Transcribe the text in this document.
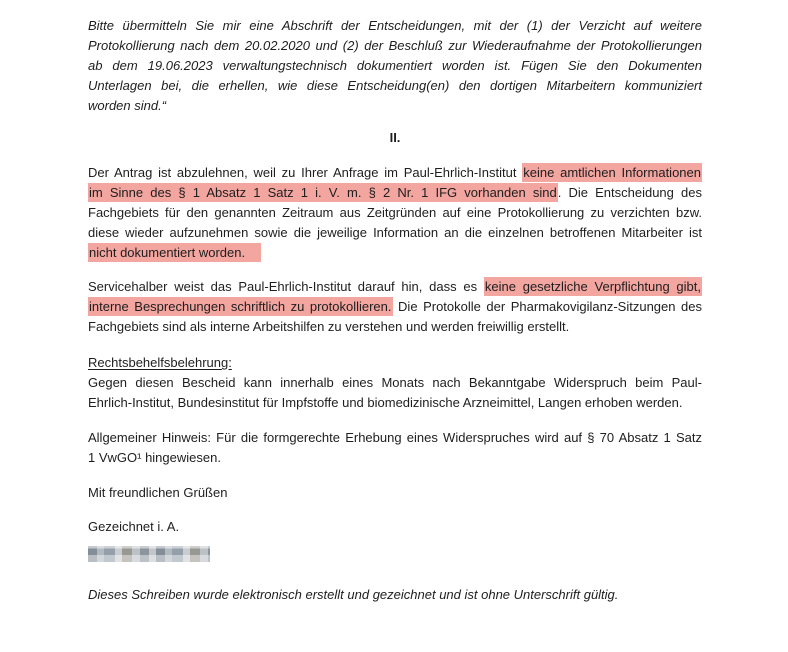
Bitte übermitteln Sie mir eine Abschrift der Entscheidungen, mit der (1) der Verzicht auf weitere
Protokollierung nach dem 20.02.2020 und (2) der Beschluß zur Wiederaufnahme der Protokollierungen
ab dem 19.06.2023 verwaltungstechnisch dokumentiert worden ist. Fügen Sie den Dokumenten
Unterlagen bei, die erhellen, wie diese Entscheidung(en) den dortigen Mitarbeitern kommuniziert
worden sind.“
II.
Der Antrag ist abzulehnen, weil zu Ihrer Anfrage im Paul-Ehrlich-Institut keine amtlichen Informationen
im Sinne des § 1 Absatz 1 Satz 1 i. V. m. § 2 Nr. 1 IFG vorhanden sind. Die Entscheidung des
Fachgebiets für den genannten Zeitraum aus Zeitgründen auf eine Protokollierung zu verzichten bzw.
diese wieder aufzunehmen sowie die jeweilige Information an die einzelnen betroffenen Mitarbeiter ist
nicht dokumentiert worden.
Servicehalber weist das Paul-Ehrlich-Institut darauf hin, dass es keine gesetzliche Verpflichtung gibt,
interne Besprechungen schriftlich zu protokollieren. Die Protokolle der Pharmakovigilanz-Sitzungen des
Fachgebiets sind als interne Arbeitshilfen zu verstehen und werden freiwillig erstellt.
Rechtsbehelfsbelehrung:
Gegen diesen Bescheid kann innerhalb eines Monats nach Bekanntgabe Widerspruch beim Paul-
Ehrlich-Institut, Bundesinstitut für Impfstoffe und biomedizinische Arzneimittel, Langen erhoben werden.
Allgemeiner Hinweis: Für die formgerechte Erhebung eines Widerspruches wird auf § 70 Absatz 1 Satz
1 VwGO¹ hingewiesen.
Mit freundlichen Grüßen
Gezeichnet i. A.
Dieses Schreiben wurde elektronisch erstellt und gezeichnet und ist ohne Unterschrift gültig.
